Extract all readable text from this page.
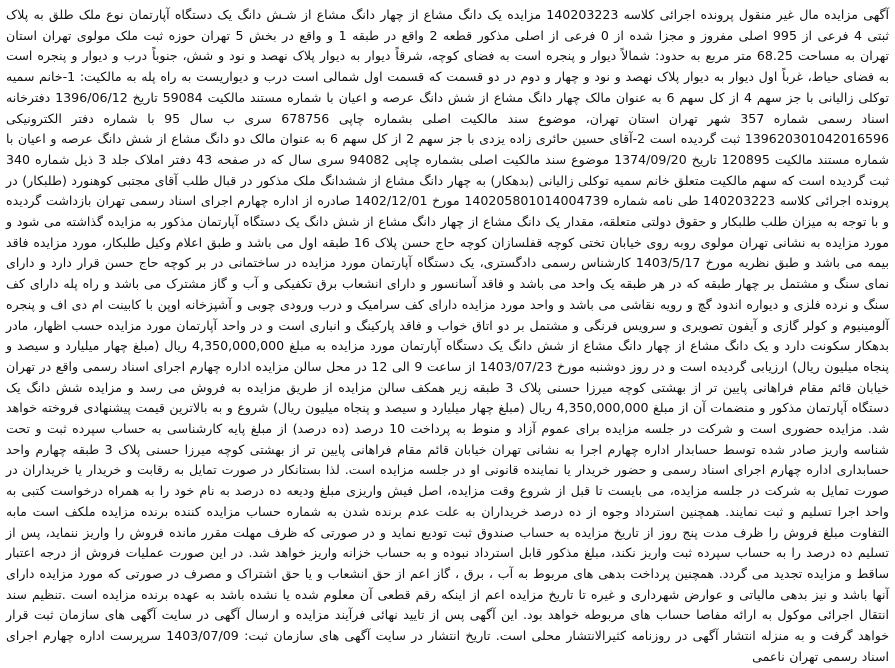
آگهی مزایده مال غیر منقول پرونده اجرائی کلاسه 140203223 مزایده یک دانگ مشاع از چهار دانگ مشاع از شـش دانگ یک دستگاه آپارتمان نوع ملک طلق به پلاک ثبتی 4 فرعی از 995 اصلی مفروز و مجزا شده از 0 فرعی از اصلی مذکور قطعه 2 واقع در طبقه 1 و واقع در بخش 5 تهران حوزه ثبت ملک مولوی تهران استان تهران به مساحت 68.25 متر مربع به حدود: شمالاً دیوار و پنجره است به فضای کوچه، شرقاً دیوار به دیوار پلاک نهصد و نود و شش، جنوباً درب و دیوار و پنجره است به فضای حیاط، غرباً اول دیوار به دیوار پلاک نهصد و نود و چهار و دوم در دو قسمت که قسمت اول شمالی است درب و دیواریست به راه پله به مالکیت: 1-خانم سمیه توکلی زالیانی با جز سهم 4 از کل سهم 6 به عنوان مالک چهار دانگ مشاع از شش دانگ عرصه و اعیان با شماره مستند مالکیت 59084 تاریخ 1396/06/12 دفترخانه اسناد رسمی شماره 357 شهر تهران استان تهران، موضوع سند مالکیت اصلی بشماره چاپی 678756 سری ب سال 95 با شماره دفتر الکترونیکی 139620301042016596 ثبت گردیده است 2-آقای حسین حائری زاده یزدی با جز سهم 2 از کل سهم 6 به عنوان مالک دو دانگ مشاع از شش دانگ عرصه و اعیان با شماره مستند مالکیت 120895 تاریخ 1374/09/20 موضوع سند مالکیت اصلی بشماره چاپی 94082 سری سال که در صفحه 43 دفتر املاک جلد 3 ذیل شماره 340 ثبت گردیده است که سهم مالکیت متعلق خانم سمیه توکلی زالیانی (بدهکار) به چهار دانگ مشاع از ششدانگ ملک مذکور در قبال طلب آقای مجتبی کوهنورد (طلبکار) در پرونده اجرائی کلاسه 140203223 طی نامه شماره 140205801014004739 مورخ 1402/12/01 صادره از اداره چهارم اجرای اسناد رسمی تهران بازداشت گردیده و با توجه به میزان طلب طلبکار و حقوق دولتی متعلقه، مقدار یک دانگ مشاع از چهار دانگ مشاع از شش دانگ یک دستگاه آپارتمان مذکور به مزایده گذاشته می شود و مورد مزایده به نشانی تهران مولوی روبه روی خیابان تختی کوچه قفلسازان کوچه حاج حسن پلاک 16 طبقه اول می باشد و طبق اعلام وکیل طلبکار، مورد مزایده فاقد بیمه می باشد و طبق نظریه مورخ 1403/5/17 کارشناس رسمی دادگستری، یک دستگاه آپارتمان مورد مزایده در ساختمانی در بر کوچه حاج حسن قرار دارد و دارای نمای سنگ و مشتمل بر چهار طبقه که در هر طبقه یک واحد می باشد و فاقد آسانسور و دارای انشعاب برق تکفیکی و آب و گاز مشترک می باشد و راه پله دارای کف سنگ و نرده فلزی و دیواره اندود گچ و رویه نقاشی می باشد و واحد مورد مزایده دارای کف سرامیک و درب ورودی چوبی و آشپزخانه اوپن با کابینت ام دی اف و پنجره آلومینیوم و کولر گازی و آیفون تصویری و سرویس فرنگی و مشتمل بر دو اتاق خواب و فاقد پارکینگ و انباری است و در واحد آپارتمان مورد مزایده حسب اظهار، مادر بدهکار سکونت دارد و یک دانگ مشاع از چهار دانگ مشاع از شش دانگ یک دستگاه آپارتمان مورد مزایده به مبلغ 4,350,000,000 ریال (مبلغ چهار میلیارد و سیصد و پنجاه میلیون ریال) ارزیابی گردیده است و در روز دوشنبه مورخ 1403/07/23 از ساعت 9 الی 12 در محل سالن مزایده اداره چهارم اجرای اسناد رسمی واقع در تهران خیابان قائم مقام فراهانی پایین تر از بهشتی کوچه میرزا حسنی پلاک 3 طبقه زیر همکف سالن مزایده از طریق مزایده به فروش می رسد و مزایده شش دانگ یک دستگاه آپارتمان مذکور و منضمات آن از مبلغ 4,350,000,000 ریال (مبلغ چهار میلیارد و سیصد و پنجاه میلیون ریال) شروع و به بالاترین قیمت پیشنهادی فروخته خواهد شد. مزایده حضوری است و شرکت در جلسه مزایده برای عموم آزاد و منوط به پرداخت 10 درصد (ده درصد) از مبلغ پایه کارشناسی به حساب سپرده ثبت و تحت شناسه واریز صادر شده توسط حسابدار اداره چهارم اجرا به نشانی تهران خیابان قائم مقام فراهانی پایین تر از بهشتی کوچه میرزا حسنی پلاک 3 طبقه چهارم واحد حسابداری اداره چهارم اجرای اسناد رسمی و حضور خریدار یا نماینده قانونی او در جلسه مزایده است. لذا بستانکار در صورت تمایل به رقابت و خریدار یا خریداران در صورت تمایل به شرکت در جلسه مزایده، می بایست تا قبل از شروع وقت مزایده، اصل فیش واریزی مبلغ ودیعه ده درصد به نام خود را به همراه درخواست کتبی به واحد اجرا تسلیم و ثبت نمایند. همچنین استرداد وجوه از ده درصد خریداران به علت عدم برنده شدن به شماره حساب مزایده کننده برنده مزایده ملکف است مابه التفاوت مبلغ فروش را ظرف مدت پنج روز از تاریخ مزایده به حساب صندوق ثبت تودیع نماید و در صورتی که ظرف مهلت مقرر مانده فروش را واریز ننماید، پس از تسلیم ده درصد را به حساب سپرده ثبت واریز نکند، مبلغ مذکور قابل استرداد نبوده و به حساب خزانه واریز خواهد شد. در این صورت عملیات فروش از درجه اعتبار ساقط و مزایده تجدید می گردد. همچنین پرداخت بدهی های مربوط به آب ، برق ، گاز اعم از حق انشعاب و یا حق اشتراک و مصرف در صورتی که مورد مزایده دارای آنها باشد و نیز بدهی مالیاتی و عوارض شهرداری و غیره تا تاریخ مزایده اعم از اینکه رقم قطعی آن معلوم شده یا نشده باشد به عهده برنده مزایده است .تنظیم سند انتقال اجرائی موکول به ارائه مفاصا حساب های مربوطه خواهد بود. این آگهی پس از تایید نهائی فرآیند مزایده و ارسال آگهی در سایت آگهی های سازمان ثبت قرار خواهد گرفت و به منزله انتشار آگهی در روزنامه کثیرالانتشار محلی است. تاریخ انتشار در سایت آگهی های سازمان ثبت: 1403/07/09 سرپرست اداره چهارم اجرای اسناد رسمی تهران ناعمی
